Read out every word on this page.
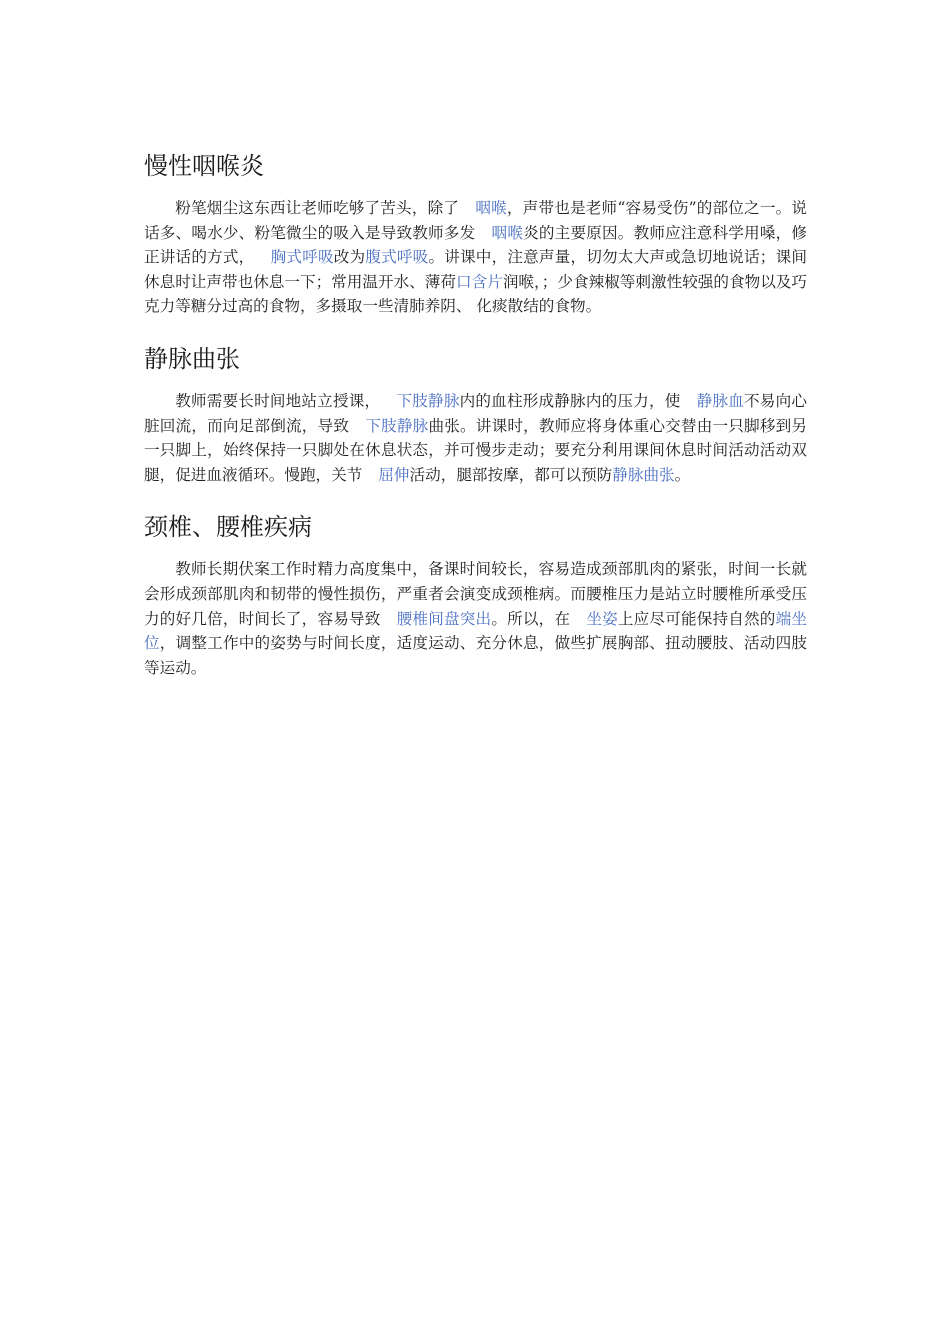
慢性咽喉炎

粉笔烟尘这东西让老师吃够了苦头，除了 咽喉，声带也是老师“容易受伤”的部位之一。说话多、喝水少、粉笔微尘的吸入是导致教师多发 咽喉炎的主要原因。教师应注意科学用嗓，修正讲话的方式， 胸式呼吸改为腹式呼吸。讲课中，注意声量，切勿太大声或急切地说话；课间休息时让声带也休息一下；常用温开水、薄荷口含片润喉，；少食辣椒等刺激性较强的食物以及巧克力等糖分过高的食物，多摄取一些清肺养阴、 化痰散结的食物。

静脉曲张

教师需要长时间地站立授课， 下肢静脉内的血柱形成静脉内的压力，使 静脉血不易向心脏回流，而向足部倒流，导致 下肢静脉曲张。讲课时，教师应将身体重心交替由一只脚移到另一只脚上，始终保持一只脚处在休息状态，并可慢步走动；要充分利用课间休息时间活动活动双腿，促进血液循环。慢跑，关节 屈伸活动，腿部按摩，都可以预防静脉曲张。

颈椎、腰椎疾病

教师长期伏案工作时精力高度集中，备课时间较长，容易造成颈部肌肉的紧张，时间一长就会形成颈部肌肉和韧带的慢性损伤，严重者会演变成颈椎病。而腰椎压力是站立时腰椎所承受压力的好几倍，时间长了，容易导致 腰椎间盘突出。所以，在 坐姿上应尽可能保持自然的端坐位，调整工作中的姿势与时间长度，适度运动、充分休息，做些扩展胸部、扭动腰肢、活动四肢等运动。
